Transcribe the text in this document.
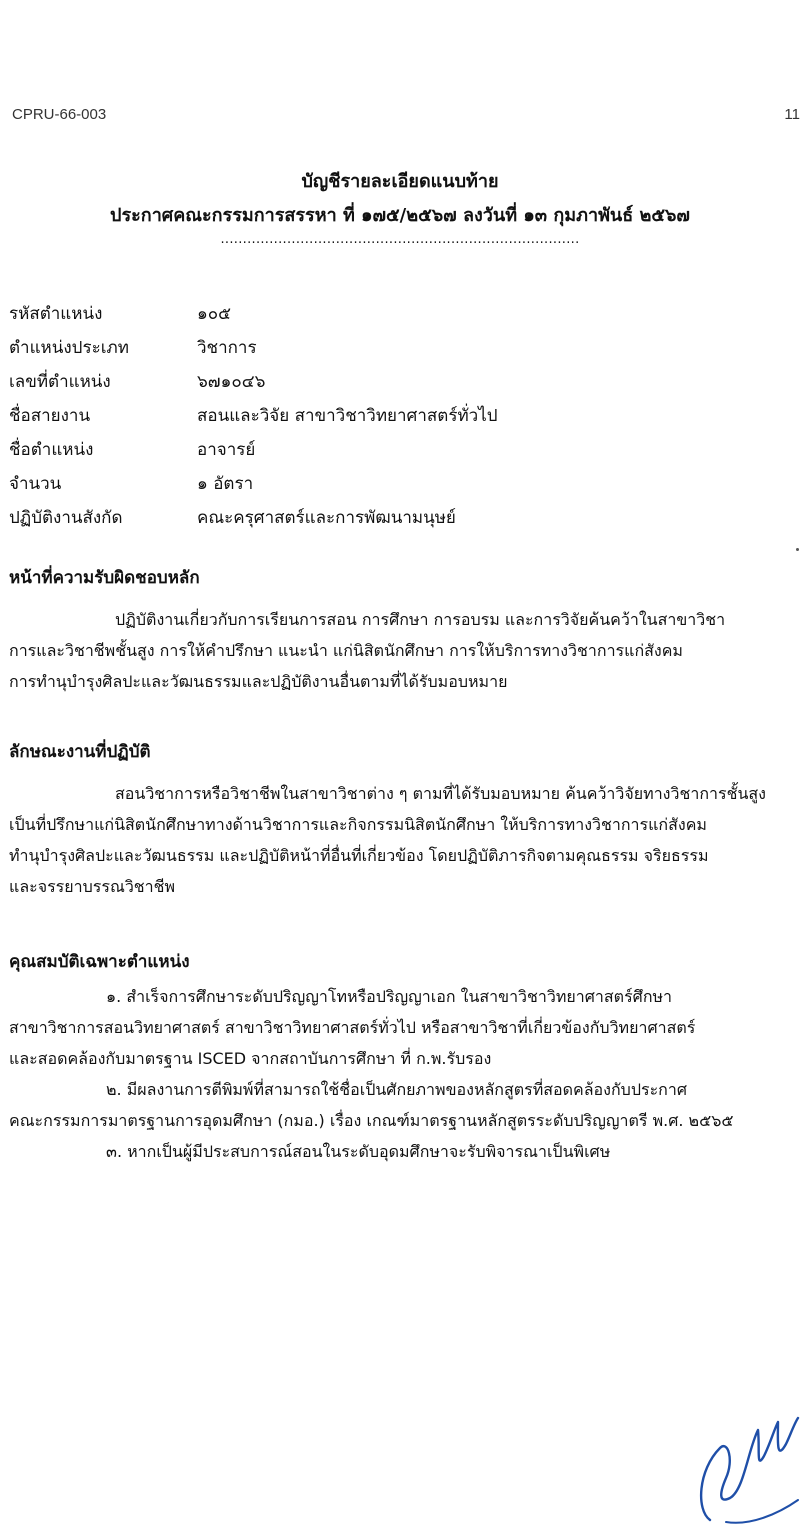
CPRU-66-003	11
บัญชีรายละเอียดแนบท้าย
ประกาศคณะกรรมการสรรหา ที่ ๑๗๕/๒๕๖๗ ลงวันที่ ๑๓ กุมภาพันธ์ ๒๕๖๗
.................................................................................
รหัสตำแหน่ง	๑๐๕
ตำแหน่งประเภท	วิชาการ
เลขที่ตำแหน่ง	๖๗๑๐๔๖
ชื่อสายงาน	สอนและวิจัย สาขาวิชาวิทยาศาสตร์ทั่วไป
ชื่อตำแหน่ง	อาจารย์
จำนวน	๑ อัตรา
ปฏิบัติงานสังกัด	คณะครุศาสตร์และการพัฒนามนุษย์
หน้าที่ความรับผิดชอบหลัก

ปฏิบัติงานเกี่ยวกับการเรียนการสอน การศึกษา การอบรม และการวิจัยค้นคว้าในสาขาวิชา

การและวิชาชีพชั้นสูง การให้คำปรึกษา แนะนำ แก่นิสิตนักศึกษา การให้บริการทางวิชาการแก่สังคม

การทำนุบำรุงศิลปะและวัฒนธรรมและปฏิบัติงานอื่นตามที่ได้รับมอบหมาย

ลักษณะงานที่ปฏิบัติ

สอนวิชาการหรือวิชาชีพในสาขาวิชาต่าง ๆ ตามที่ได้รับมอบหมาย ค้นคว้าวิจัยทางวิชาการชั้นสูง

เป็นที่ปรึกษาแก่นิสิตนักศึกษาทางด้านวิชาการและกิจกรรมนิสิตนักศึกษา ให้บริการทางวิชาการแก่สังคม

ทำนุบำรุงศิลปะและวัฒนธรรม และปฏิบัติหน้าที่อื่นที่เกี่ยวข้อง โดยปฏิบัติภารกิจตามคุณธรรม จริยธรรม

และจรรยาบรรณวิชาชีพ

คุณสมบัติเฉพาะตำแหน่ง

๑. สำเร็จการศึกษาระดับปริญญาโทหรือปริญญาเอก ในสาขาวิชาวิทยาศาสตร์ศึกษา

สาขาวิชาการสอนวิทยาศาสตร์ สาขาวิชาวิทยาศาสตร์ทั่วไป หรือสาขาวิชาที่เกี่ยวข้องกับวิทยาศาสตร์

และสอดคล้องกับมาตรฐาน ISCED จากสถาบันการศึกษา ที่ ก.พ.รับรอง

๒. มีผลงานการตีพิมพ์ที่สามารถใช้ชื่อเป็นศักยภาพของหลักสูตรที่สอดคล้องกับประกาศ

คณะกรรมการมาตรฐานการอุดมศึกษา (กมอ.) เรื่อง เกณฑ์มาตรฐานหลักสูตรระดับปริญญาตรี พ.ศ. ๒๕๖๕

๓. หากเป็นผู้มีประสบการณ์สอนในระดับอุดมศึกษาจะรับพิจารณาเป็นพิเศษ
